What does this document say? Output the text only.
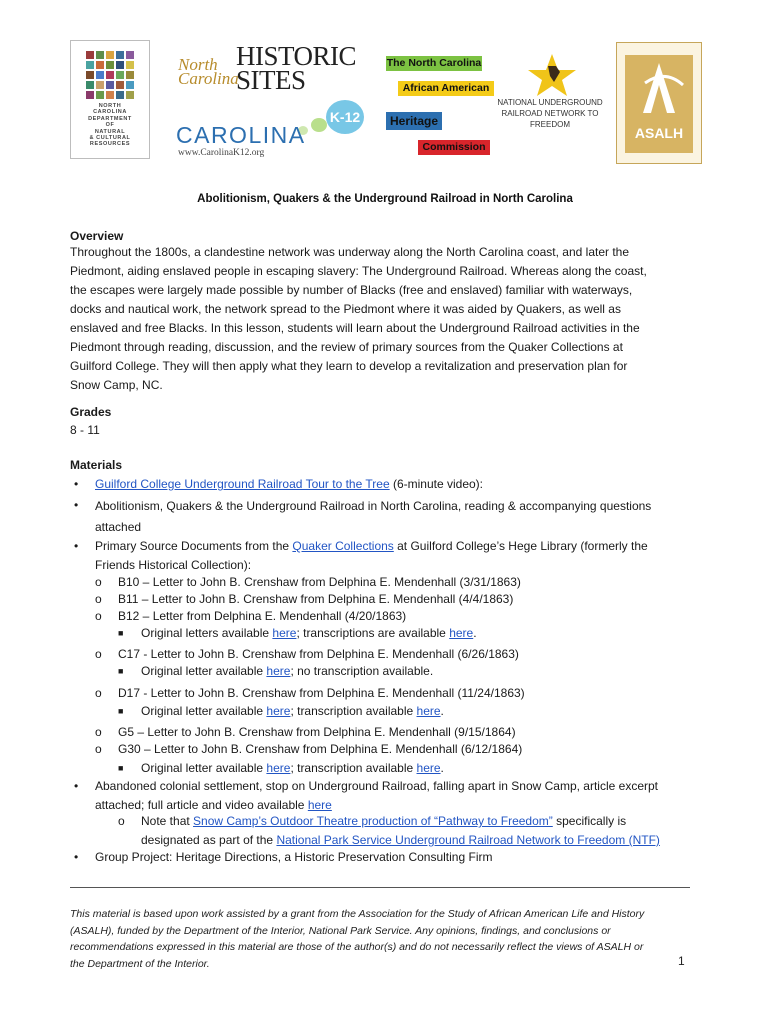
NORTH
CAROLINA
DEPARTMENT
OF
NATURAL
& CULTURAL
RESOURCES
North Carolina
HISTORIC SITES
K-12
CAROLINA
www.CarolinaK12.org
The North Carolina
African American
Heritage
Commission
NATIONAL UNDERGROUND RAILROAD NETWORK TO FREEDOM
ASALH
Abolitionism, Quakers & the Underground Railroad in North Carolina
Overview
Throughout the 1800s, a clandestine network was underway along the North Carolina coast, and later the
Piedmont, aiding enslaved people in escaping slavery: The Underground Railroad. Whereas along the coast,
the escapes were largely made possible by number of Blacks (free and enslaved) familiar with waterways,
docks and nautical work, the network spread to the Piedmont where it was aided by Quakers, as well as
enslaved and free Blacks. In this lesson, students will learn about the Underground Railroad activities in the
Piedmont through reading, discussion, and the review of primary sources from the Quaker Collections at
Guilford College. They will then apply what they learn to develop a revitalization and preservation plan for
Snow Camp, NC.
Grades
8 - 11
Materials
• Guilford College Underground Railroad Tour to the Tree (6-minute video):
• Abolitionism, Quakers & the Underground Railroad in North Carolina, reading & accompanying questions
attached
• Primary Source Documents from the Quaker Collections at Guilford College’s Hege Library (formerly the
Friends Historical Collection):
o B10 – Letter to John B. Crenshaw from Delphina E. Mendenhall (3/31/1863)
o B11 – Letter to John B. Crenshaw from Delphina E. Mendenhall (4/4/1863)
o B12 – Letter from Delphina E. Mendenhall (4/20/1863)
■ Original letters available here; transcriptions are available here.
o C17 - Letter to John B. Crenshaw from Delphina E. Mendenhall (6/26/1863)
■ Original letter available here; no transcription available.
o D17 - Letter to John B. Crenshaw from Delphina E. Mendenhall (11/24/1863)
■ Original letter available here; transcription available here.
o G5 – Letter to John B. Crenshaw from Delphina E. Mendenhall (9/15/1864)
o G30 – Letter to John B. Crenshaw from Delphina E. Mendenhall (6/12/1864)
■ Original letter available here; transcription available here.
• Abandoned colonial settlement, stop on Underground Railroad, falling apart in Snow Camp, article excerpt
attached; full article and video available here
o Note that Snow Camp’s Outdoor Theatre production of “Pathway to Freedom” specifically is
designated as part of the National Park Service Underground Railroad Network to Freedom (NTF)
• Group Project: Heritage Directions, a Historic Preservation Consulting Firm
This material is based upon work assisted by a grant from the Association for the Study of African American Life and History
(ASALH), funded by the Department of the Interior, National Park Service. Any opinions, findings, and conclusions or
recommendations expressed in this material are those of the author(s) and do not necessarily reflect the views of ASALH or
the Department of the Interior.	1
